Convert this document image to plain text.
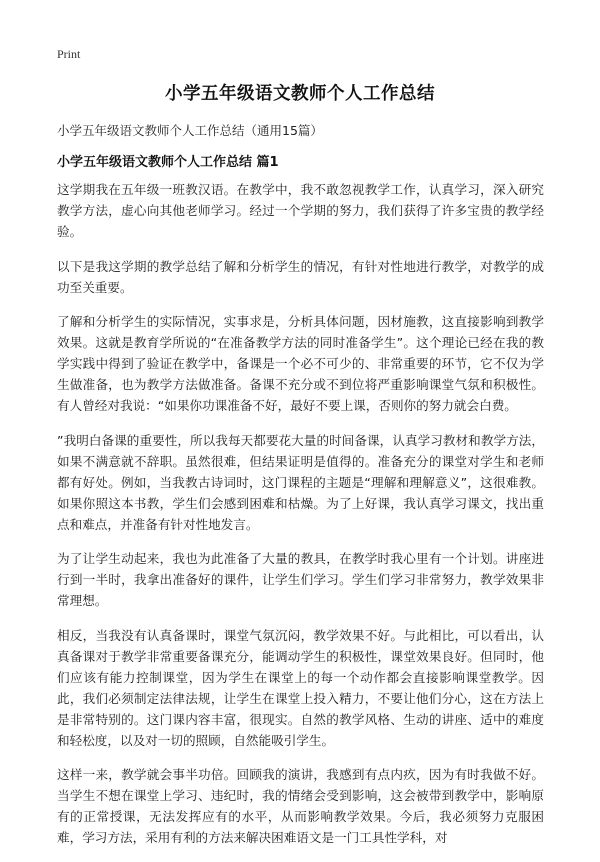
Print
小学五年级语文教师个人工作总结
小学五年级语文教师个人工作总结（通用15篇）
小学五年级语文教师个人工作总结 篇1

这学期我在五年级一班教汉语。在教学中，我不敢忽视教学工作，认真学习，深入研究教学方法，虚心向其他老师学习。经过一个学期的努力，我们获得了许多宝贵的教学经验。

以下是我这学期的教学总结了解和分析学生的情况，有针对性地进行教学，对教学的成功至关重要。

了解和分析学生的实际情况，实事求是，分析具体问题，因材施教，这直接影响到教学效果。这就是教育学所说的“在准备教学方法的同时准备学生”。这个理论已经在我的教学实践中得到了验证在教学中，备课是一个必不可少的、非常重要的环节，它不仅为学生做准备，也为教学方法做准备。备课不充分或不到位将严重影响课堂气氛和积极性。有人曾经对我说：“如果你功课准备不好，最好不要上课，否则你的努力就会白费。

”我明白备课的重要性，所以我每天都要花大量的时间备课，认真学习教材和教学方法，如果不满意就不辞职。虽然很难，但结果证明是值得的。准备充分的课堂对学生和老师都有好处。例如，当我教古诗词时，这门课程的主题是“理解和理解意义”，这很难教。如果你照这本书教，学生们会感到困难和枯燥。为了上好课，我认真学习课文，找出重点和难点，并准备有针对性地发言。

为了让学生动起来，我也为此准备了大量的教具，在教学时我心里有一个计划。讲座进行到一半时，我拿出准备好的课件，让学生们学习。学生们学习非常努力，教学效果非常理想。

相反，当我没有认真备课时，课堂气氛沉闷，教学效果不好。与此相比，可以看出，认真备课对于教学非常重要备课充分，能调动学生的积极性，课堂效果良好。但同时，他们应该有能力控制课堂，因为学生在课堂上的每一个动作都会直接影响课堂教学。因此，我们必须制定法律法规，让学生在课堂上投入精力，不要让他们分心，这在方法上是非常特别的。这门课内容丰富，很现实。自然的教学风格、生动的讲座、适中的难度和轻松度，以及对一切的照顾，自然能吸引学生。

这样一来，教学就会事半功倍。回顾我的演讲，我感到有点内疚，因为有时我做不好。当学生不想在课堂上学习、违纪时，我的情绪会受到影响，这会被带到教学中，影响原有的正常授课，无法发挥应有的水平，从而影响教学效果。今后，我必须努力克服困难，学习方法，采用有利的方法来解决困难语文是一门工具性学科，对
